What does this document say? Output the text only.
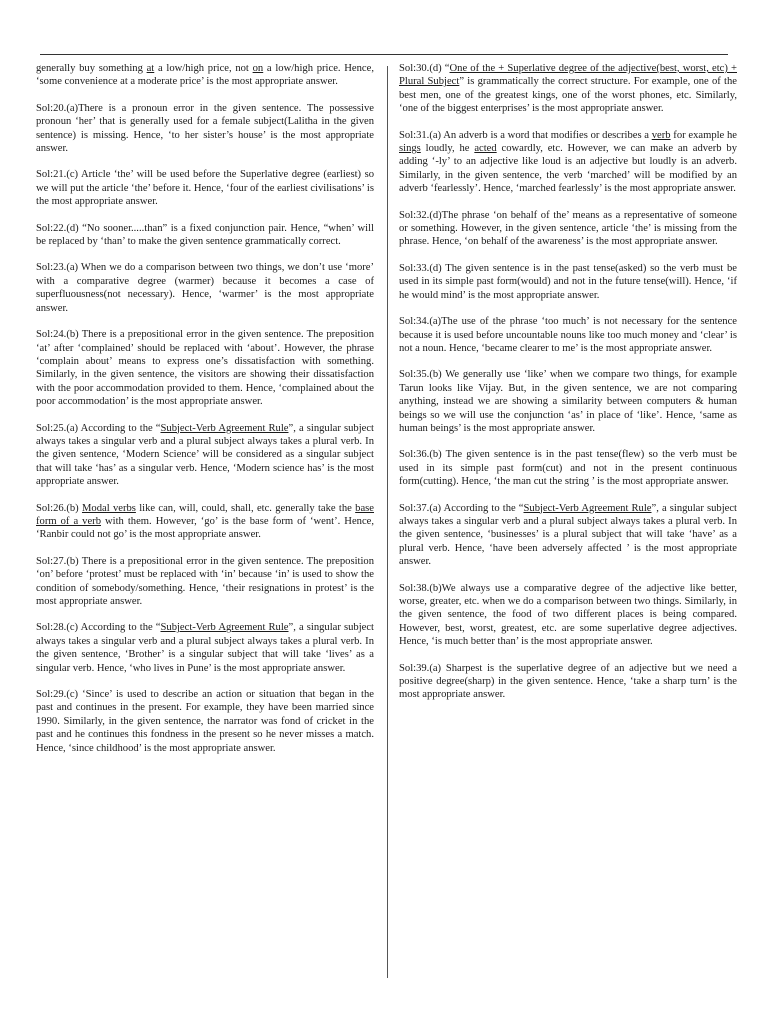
generally buy something at a low/high price, not on a low/high price. Hence, ‘some convenience at a moderate price’ is the most appropriate answer.

Sol:20.(a)There is a pronoun error in the given sentence. The possessive pronoun ‘her’ that is generally used for a female subject(Lalitha in the given sentence) is missing. Hence, ‘to her sister’s house’ is the most appropriate answer.

Sol:21.(c) Article ‘the’ will be used before the Superlative degree (earliest) so we will put the article ‘the’ before it. Hence, ‘four of the earliest civilisations’ is the most appropriate answer.

Sol:22.(d) “No sooner.....than” is a fixed conjunction pair. Hence, “when’ will be replaced by ‘than’ to make the given sentence grammatically correct.

Sol:23.(a) When we do a comparison between two things, we don’t use ‘more’ with a comparative degree (warmer) because it becomes a case of superfluousness(not necessary). Hence, ‘warmer’ is the most appropriate answer.

Sol:24.(b) There is a prepositional error in the given sentence. The preposition ‘at’ after ‘complained’ should be replaced with ‘about’. However, the phrase ‘complain about’ means to express one’s dissatisfaction with something. Similarly, in the given sentence, the visitors are showing their dissatisfaction with the poor accommodation provided to them. Hence, ‘complained about the poor accommodation’ is the most appropriate answer.

Sol:25.(a) According to the “Subject-Verb Agreement Rule”, a singular subject always takes a singular verb and a plural subject always takes a plural verb. In the given sentence, ‘Modern Science’ will be considered as a singular subject that will take ‘has’ as a singular verb. Hence, ‘Modern science has’ is the most appropriate answer.

Sol:26.(b) Modal verbs like can, will, could, shall, etc. generally take the base form of a verb with them. However, ‘go’ is the base form of ‘went’. Hence, ‘Ranbir could not go’ is the most appropriate answer.

Sol:27.(b) There is a prepositional error in the given sentence. The preposition ‘on’ before ‘protest’ must be replaced with ‘in’ because ‘in’ is used to show the condition of somebody/something. Hence, ‘their resignations in protest’ is the most appropriate answer.

Sol:28.(c) According to the “Subject-Verb Agreement Rule”, a singular subject always takes a singular verb and a plural subject always takes a plural verb. In the given sentence, ‘Brother’ is a singular subject that will take ‘lives’ as a singular verb. Hence, ‘who lives in Pune’ is the most appropriate answer.

Sol:29.(c) ‘Since’ is used to describe an action or situation that began in the past and continues in the present. For example, they have been married since 1990. Similarly, in the given sentence, the narrator was fond of cricket in the past and he continues this fondness in the present so he never misses a match. Hence, ‘since childhood’ is the most appropriate answer.

Sol:30.(d) “One of the + Superlative degree of the adjective(best, worst, etc) + Plural Subject” is grammatically the correct structure. For example, one of the best men, one of the greatest kings, one of the worst phones, etc. Similarly, ‘one of the biggest enterprises’ is the most appropriate answer.

Sol:31.(a) An adverb is a word that modifies or describes a verb for example he sings loudly, he acted cowardly, etc. However, we can make an adverb by adding ‘-ly’ to an adjective like loud is an adjective but loudly is an adverb. Similarly, in the given sentence, the verb ‘marched’ will be modified by an adverb ‘fearlessly’. Hence, ‘marched fearlessly’ is the most appropriate answer.

Sol:32.(d)The phrase ‘on behalf of the’ means as a representative of someone or something. However, in the given sentence, article ‘the’ is missing from the phrase. Hence, ‘on behalf of the awareness’ is the most appropriate answer.

Sol:33.(d) The given sentence is in the past tense(asked) so the verb must be used in its simple past form(would) and not in the future tense(will). Hence, ‘if he would mind’ is the most appropriate answer.

Sol:34.(a)The use of the phrase ‘too much’ is not necessary for the sentence because it is used before uncountable nouns like too much money and ‘clear’ is not a noun. Hence, ‘became clearer to me’ is the most appropriate answer.

Sol:35.(b) We generally use ‘like’ when we compare two things, for example Tarun looks like Vijay. But, in the given sentence, we are not comparing anything, instead we are showing a similarity between computers & human beings so we will use the conjunction ‘as’ in place of ‘like’. Hence, ‘same as human beings’ is the most appropriate answer.

Sol:36.(b) The given sentence is in the past tense(flew) so the verb must be used in its simple past form(cut) and not in the present continuous form(cutting). Hence, ‘the man cut the string ’ is the most appropriate answer.

Sol:37.(a) According to the “Subject-Verb Agreement Rule”, a singular subject always takes a singular verb and a plural subject always takes a plural verb. In the given sentence, ‘businesses’ is a plural subject that will take ‘have’ as a plural verb. Hence, ‘have been adversely affected ’ is the most appropriate answer.

Sol:38.(b)We always use a comparative degree of the adjective like better, worse, greater, etc. when we do a comparison between two things. Similarly, in the given sentence, the food of two different places is being compared. However, best, worst, greatest, etc. are some superlative degree adjectives. Hence, ‘is much better than’ is the most appropriate answer.

Sol:39.(a) Sharpest is the superlative degree of an adjective but we need a positive degree(sharp) in the given sentence. Hence, ‘take a sharp turn’ is the most appropriate answer.
